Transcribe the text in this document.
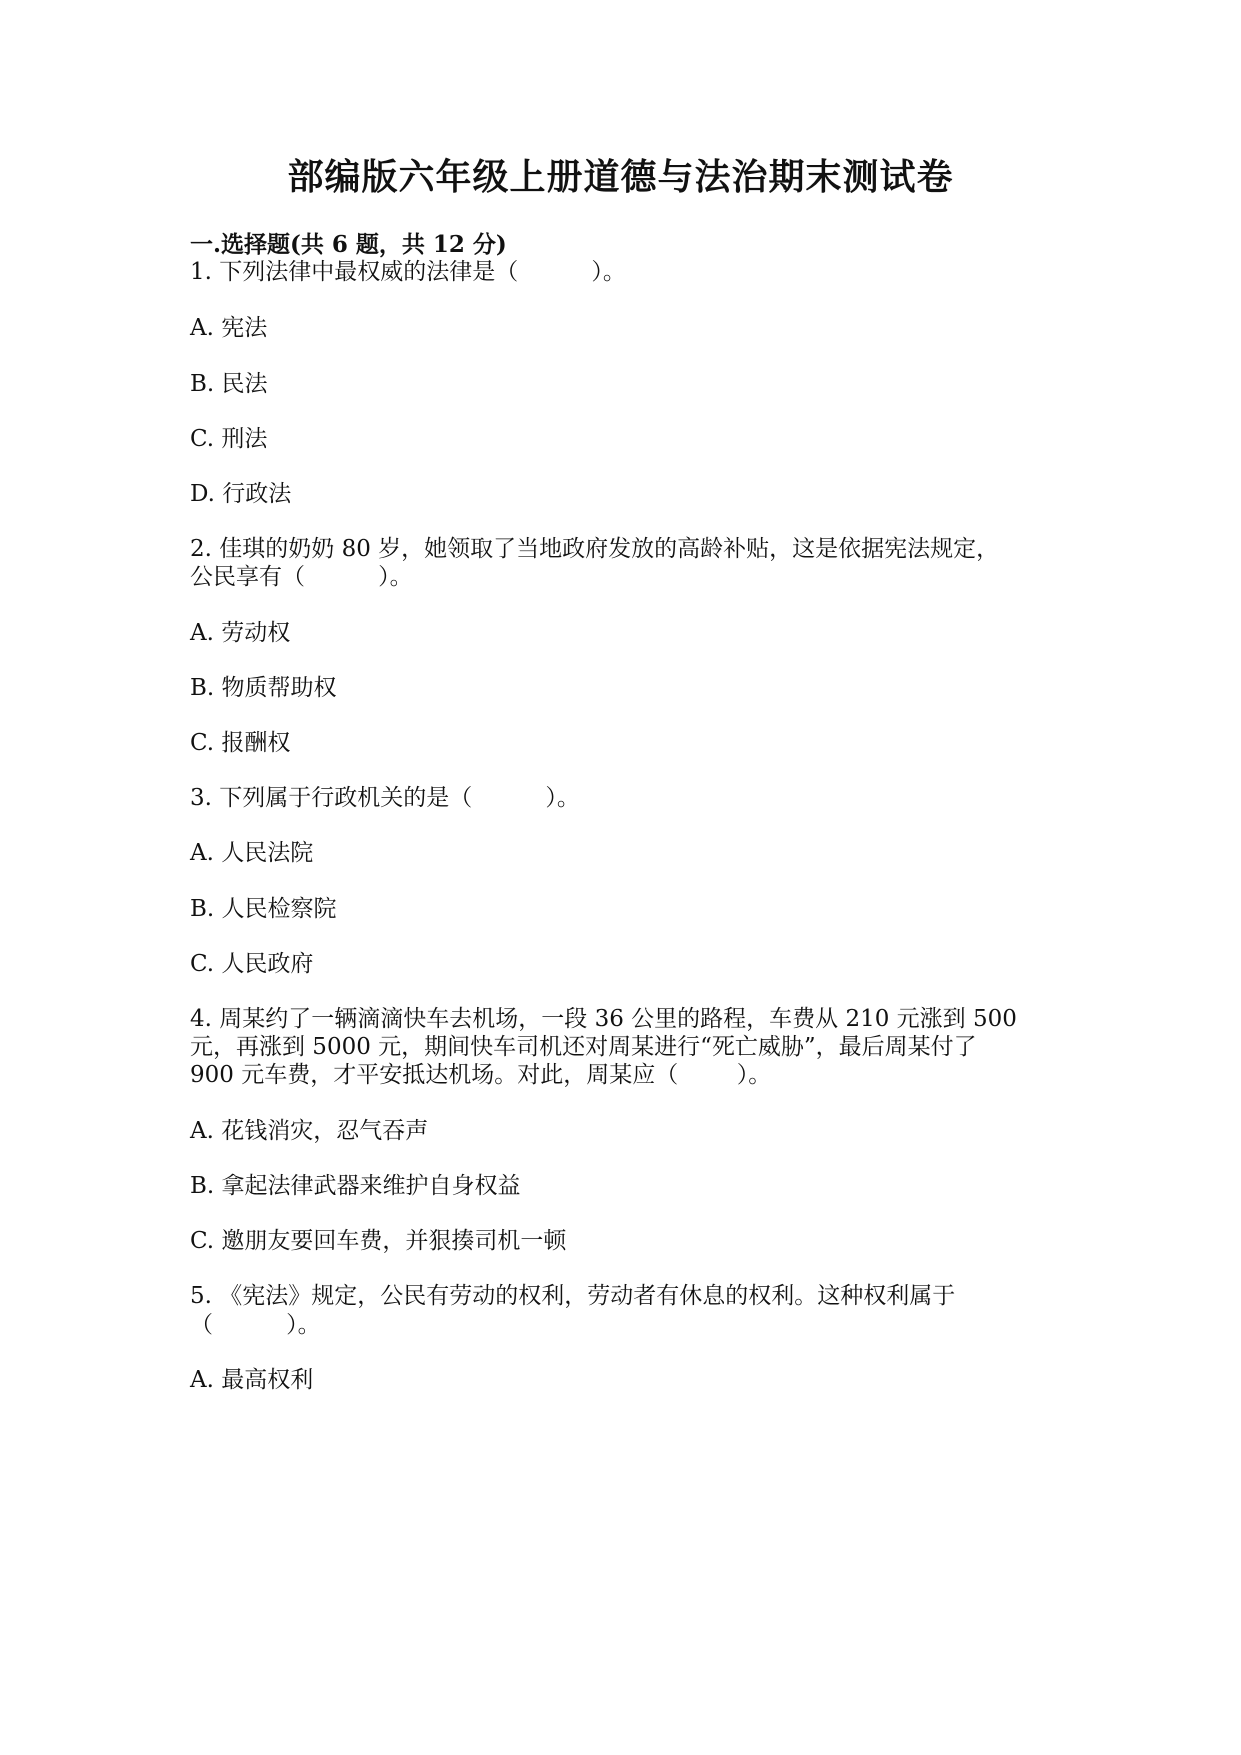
部编版六年级上册道德与法治期末测试卷
一.选择题(共 6 题，共 12 分)
1. 下列法律中最权威的法律是（          ）。
A. 宪法
B. 民法
C. 刑法
D. 行政法
2. 佳琪的奶奶 80 岁，她领取了当地政府发放的高龄补贴，这是依据宪法规定，
公民享有（          ）。
A. 劳动权
B. 物质帮助权
C. 报酬权
3. 下列属于行政机关的是（          ）。
A. 人民法院
B. 人民检察院
C. 人民政府
4. 周某约了一辆滴滴快车去机场，一段 36 公里的路程，车费从 210 元涨到 500
元，再涨到 5000 元，期间快车司机还对周某进行“死亡威胁”，最后周某付了
900 元车费，才平安抵达机场。对此，周某应（        ）。
A. 花钱消灾，忍气吞声
B. 拿起法律武器来维护自身权益
C. 邀朋友要回车费，并狠揍司机一顿
5. 《宪法》规定，公民有劳动的权利，劳动者有休息的权利。这种权利属于
（          ）。
A. 最高权利
